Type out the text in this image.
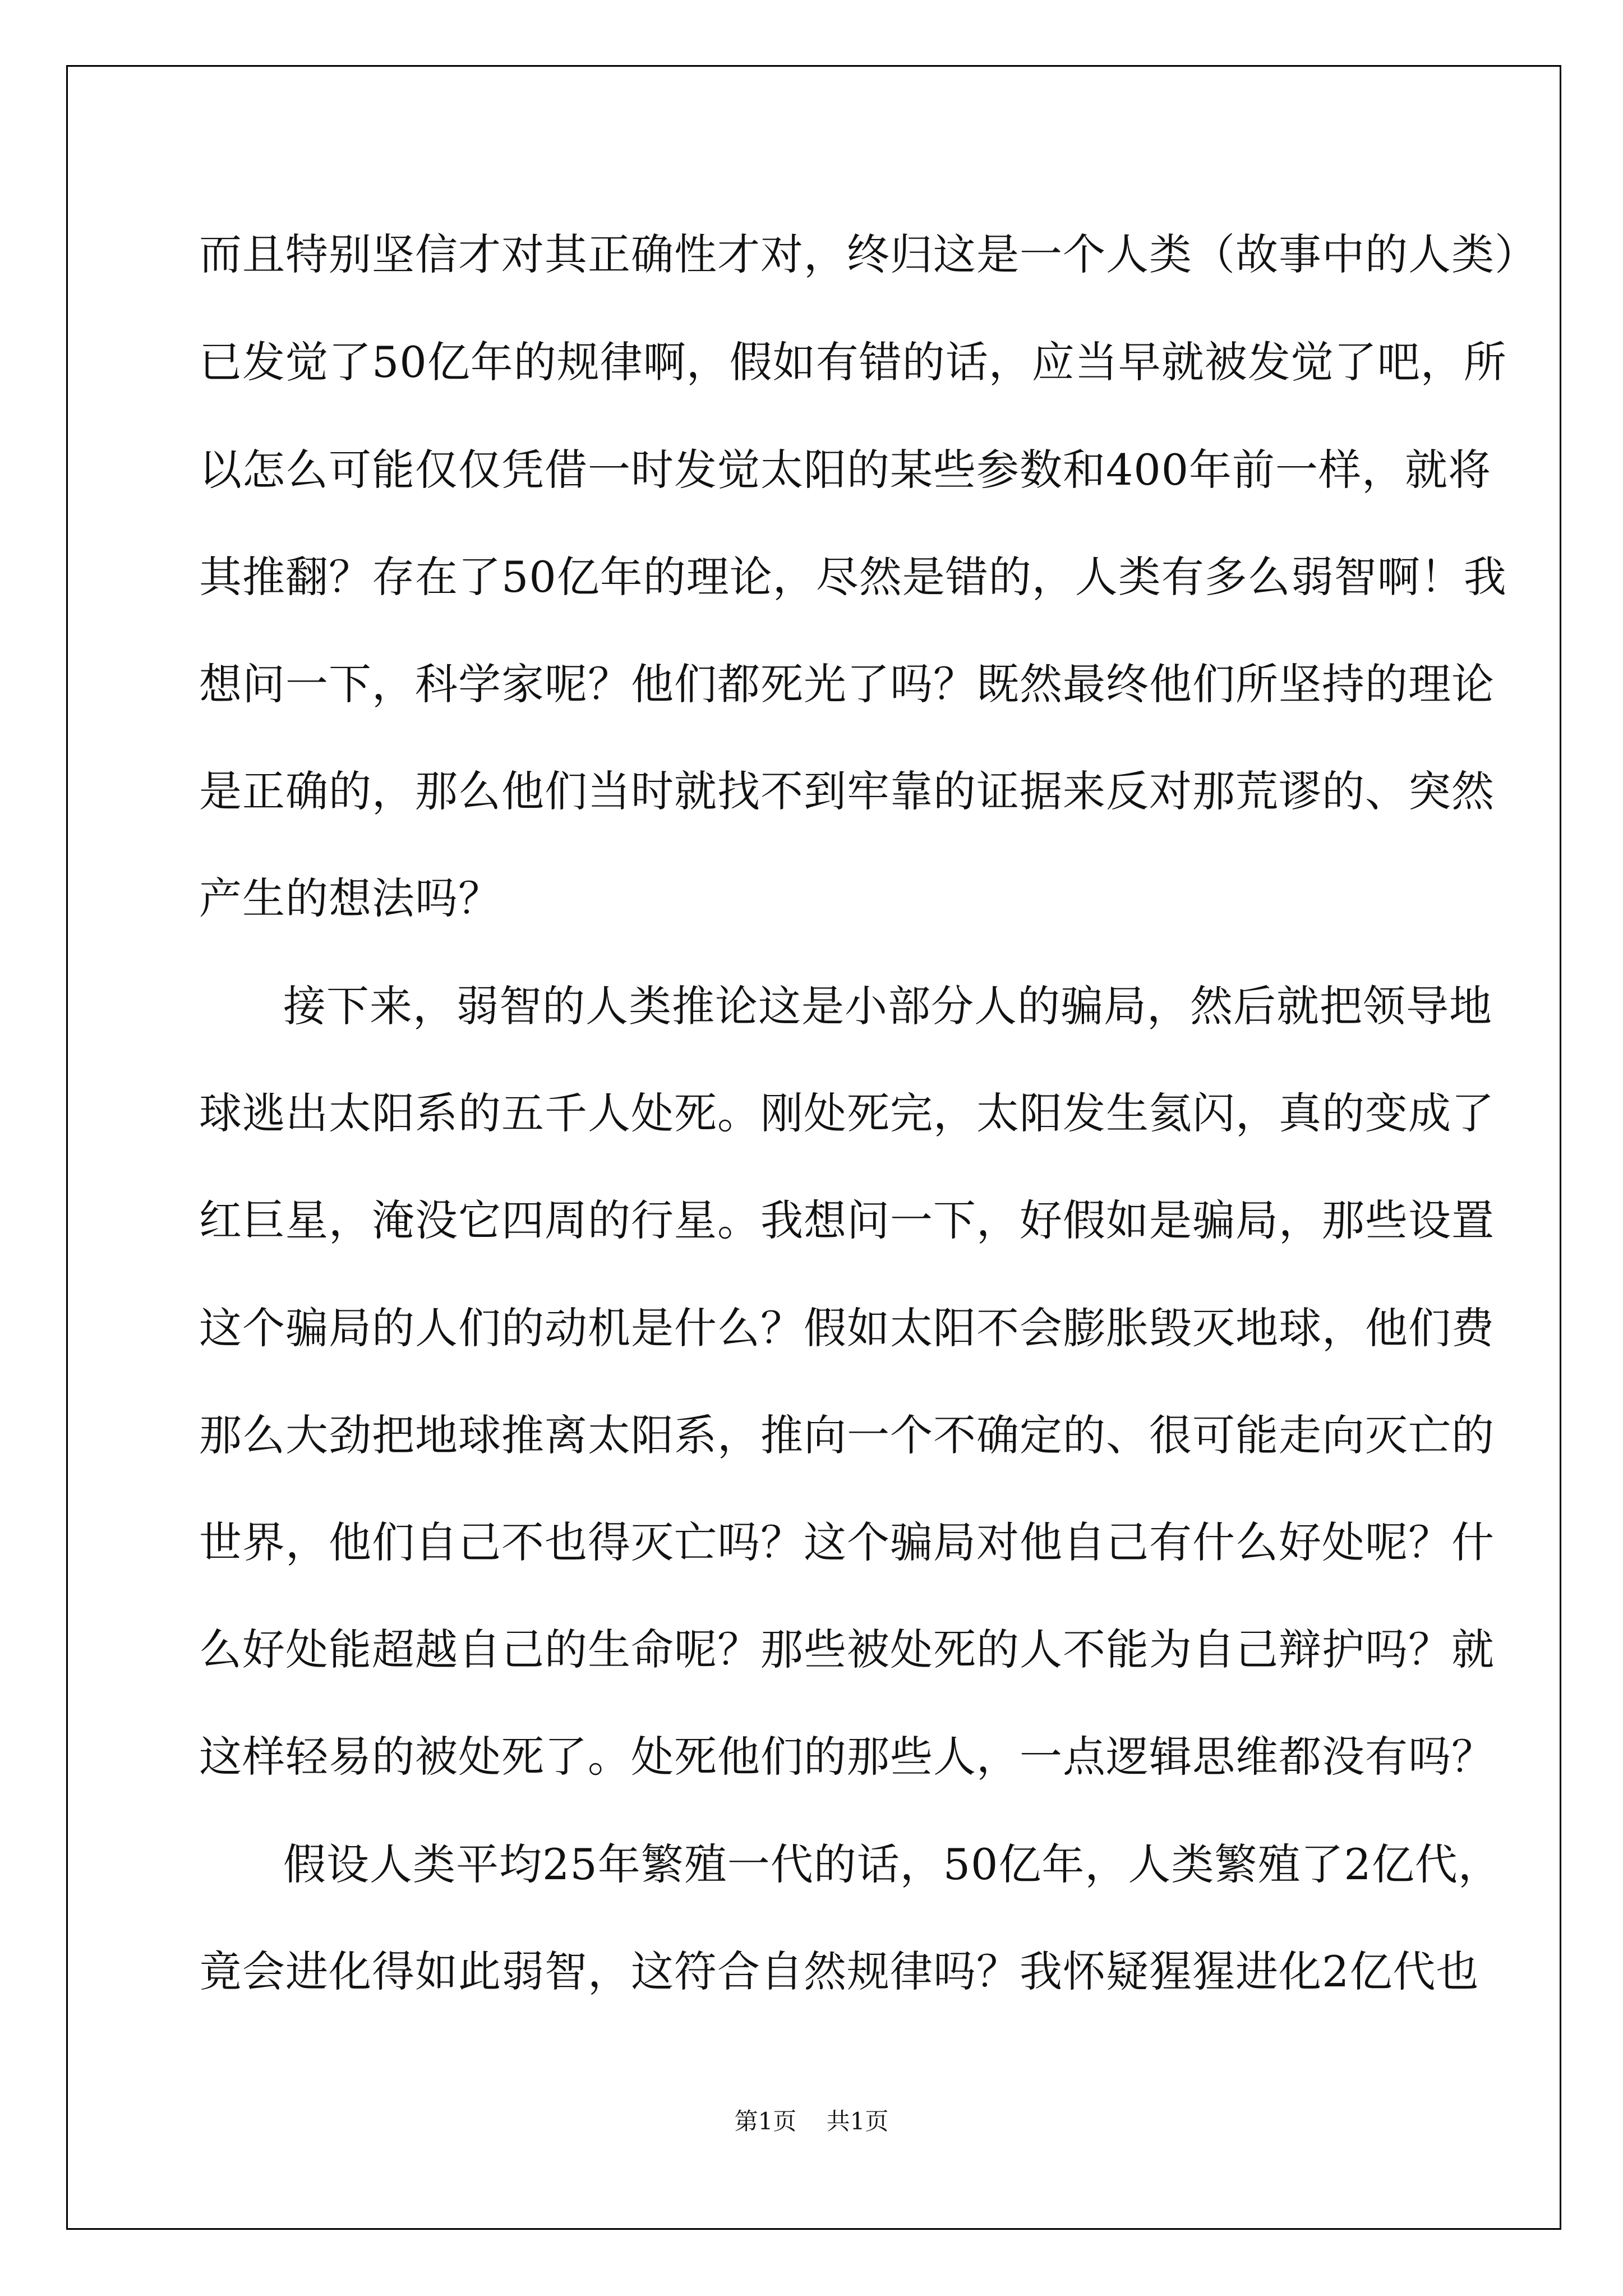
而且特别坚信才对其正确性才对，终归这是一个人类（故事中的人类）

已发觉了50亿年的规律啊，假如有错的话，应当早就被发觉了吧，所

以怎么可能仅仅凭借一时发觉太阳的某些参数和400年前一样，就将

其推翻？存在了50亿年的理论，尽然是错的，人类有多么弱智啊！我

想问一下，科学家呢？他们都死光了吗？既然最终他们所坚持的理论

是正确的，那么他们当时就找不到牢靠的证据来反对那荒谬的、突然

产生的想法吗？

接下来，弱智的人类推论这是小部分人的骗局，然后就把领导地

球逃出太阳系的五千人处死。刚处死完，太阳发生氦闪，真的变成了

红巨星，淹没它四周的行星。我想问一下，好假如是骗局，那些设置

这个骗局的人们的动机是什么？假如太阳不会膨胀毁灭地球，他们费

那么大劲把地球推离太阳系，推向一个不确定的、很可能走向灭亡的

世界，他们自己不也得灭亡吗？这个骗局对他自己有什么好处呢？什

么好处能超越自己的生命呢？那些被处死的人不能为自己辩护吗？就

这样轻易的被处死了。处死他们的那些人，一点逻辑思维都没有吗？

假设人类平均25年繁殖一代的话，50亿年，人类繁殖了2亿代，

竟会进化得如此弱智，这符合自然规律吗？我怀疑猩猩进化2亿代也

第1页    共1页
